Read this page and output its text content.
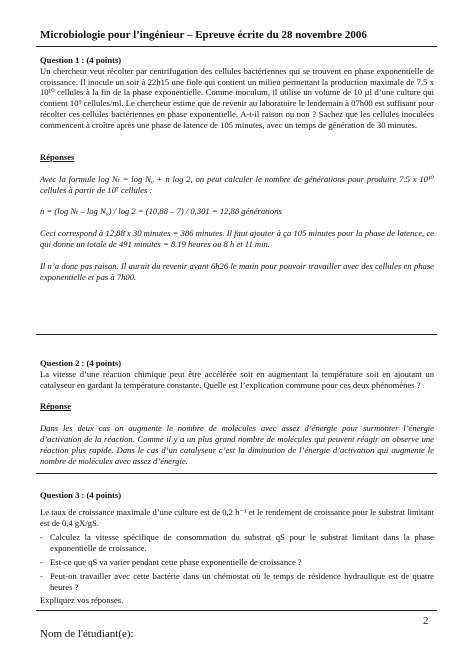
Microbiologie pour l’ingénieur – Epreuve écrite du 28 novembre 2006

Question 1 : (4 points)

Un chercheur veut récolter par centrifugation des cellules bactériennes qui se trouvent en phase exponentielle de croissance. Il inocule un soir à 22h15 une fiole qui contient un milieu permettant la production maximale de 7.5 x 10¹⁰ cellules à la fin de la phase exponentielle. Comme inoculum, il utilise un volume de 10 µl d’une culture qui contient 10⁹ cellules/ml. Le chercheur estime que de revenir au laboratoire le lendemain à 07h00 est suffisant pour récolter ces cellules bactériennes en phase exponentielle. A-t-il raison ou non ? Sachez que les cellules inoculées commencent à croître après une phase de latence de 105 minutes, avec un temps de génération de 30 minutes.

Réponses

Avec la formule log Nₜ = log N₀ + n log 2, on peut calculer le nombre de générations pour produire 7.5 x 10¹⁰ cellules à partir de 10⁷ cellules :

n = (log Nₜ – log N₀) / log 2 = (10,88 – 7) / 0,301 = 12,88 générations

Ceci correspond à 12,88 x 30 minutes = 386 minutes. Il faut ajouter à ça 105 minutes pour la phase de latence, ce qui donne un totale de 491 minutes = 8.19 heures ou 8 h et 11 min.

Il n’a donc pas raison. Il aurait du revenir avant 6h26 le matin pour pouvoir travailler avec des cellules en phase exponentielle et pas à 7h00.

Question 2 : (4 points)

La vitesse d’une réaction chimique peut être accélérée soit en augmentant la température soit en ajoutant un catalyseur en gardant la température constante. Quelle est l’explication commune pour ces deux phénomènes ?

Réponse

Dans les deux cas on augmente le nombre de molécules avec assez d’énergie pour surmonter l’énergie d’activation de la réaction. Comme il y a un plus grand nombre de molécules qui peuvent réagir on observe une réaction plus rapide. Dans le cas d’un catalyseur c’est la diminution de l’énergie d’activation qui augmente le nombre de molécules avec assez d’énergie.

Question 3 : (4 points)

Le taux de croissance maximale d’une culture est de 0,2 h⁻¹ et le rendement de croissance pour le substrat limitant est de 0,4 gX/gS.

- Calculez la vitesse spécifique de consommation du substrat qS pour le substrat limitant dans la phase exponentielle de croissance.
- Est-ce que qS va varier pendant cette phase exponentielle de croissance ?
- Peut-on travailler avec cette bactérie dans un chémostat où le temps de résidence hydraulique est de quatre heures ?

Expliquez vos réponses.

2
Nom de l'étudiant(e):
